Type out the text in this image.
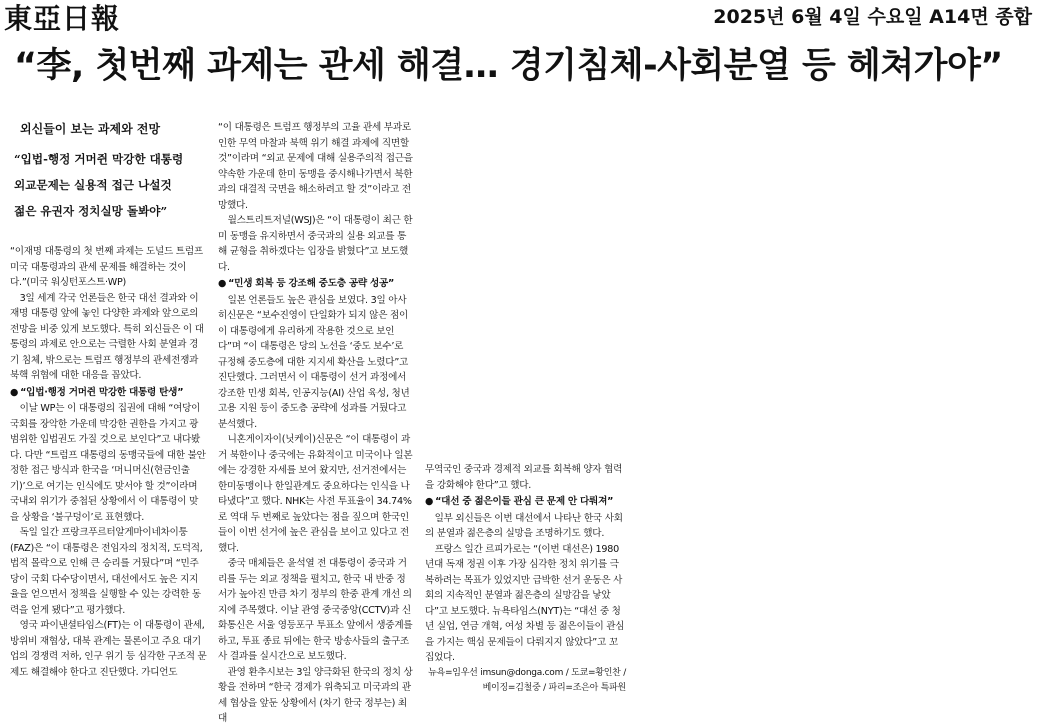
東亞日報	2025년 6월 4일 수요일 A14면 종합
“李, 첫번째 과제는 관세 해결… 경기침체-사회분열 등 헤쳐가야”
외신들이 보는 과제와 전망

“입법-행정 거머쥔 막강한 대통령

외교문제는 실용적 접근 나설것

젊은 유권자 정치실망 돌봐야”

“이재명 대통령의 첫 번째 과제는 도널드 트럼프 미국 대통령과의 관세 문제를 해결하는 것이다.”(미국 워싱턴포스트·WP)

3일 세계 각국 언론들은 한국 대선 결과와 이재명 대통령 앞에 놓인 다양한 과제와 앞으로의 전망을 비중 있게 보도했다. 특히 외신들은 이 대통령의 과제로 안으로는 극렬한 사회 분열과 경기 침체, 밖으로는 트럼프 행정부의 관세전쟁과 북핵 위협에 대한 대응을 꼽았다.

● “입법·행정 거머쥔 막강한 대통령 탄생”

이날 WP는 이 대통령의 집권에 대해 “여당이 국회를 장악한 가운데 막강한 권한을 가지고 광범위한 입법권도 가질 것으로 보인다”고 내다봤다. 다만 “트럼프 대통령의 동맹국들에 대한 불안정한 접근 방식과 한국을 ‘머니머신(현금인출기)’으로 여기는 인식에도 맞서야 할 것”이라며 국내외 위기가 중첩된 상황에서 이 대통령이 맞을 상황을 ‘불구덩이’로 표현했다.

독일 일간 프랑크푸르터알게마이네차이퉁(FAZ)은 “이 대통령은 전임자의 정치적, 도덕적, 법적 몰락으로 인해 큰 승리를 거뒀다”며 “민주당이 국회 다수당이면서, 대선에서도 높은 지지율을 얻으면서 정책을 실행할 수 있는 강력한 동력을 얻게 됐다”고 평가했다.

영국 파이낸셜타임스(FT)는 이 대통령이 관세, 방위비 재협상, 대북 관계는 물론이고 주요 대기업의 경쟁력 저하, 인구 위기 등 심각한 구조적 문제도 해결해야 한다고 진단했다. 가디언도

“이 대통령은 트럼프 행정부의 고율 관세 부과로 인한 무역 마찰과 북핵 위기 해결 과제에 직면할 것”이라며 “외교 문제에 대해 실용주의적 접근을 약속한 가운데 한미 동맹을 중시해나가면서 북한과의 대결적 국면을 해소하려고 할 것”이라고 전망했다.

월스트리트저널(WSJ)은 “이 대통령이 최근 한미 동맹을 유지하면서 중국과의 실용 외교를 통해 균형을 취하겠다는 입장을 밝혔다”고 보도했다.

● “민생 회복 등 강조해 중도층 공략 성공”

일본 언론들도 높은 관심을 보였다. 3일 아사히신문은 “보수진영이 단일화가 되지 않은 점이 이 대통령에게 유리하게 작용한 것으로 보인다”며 “이 대통령은 당의 노선을 ‘중도 보수’로 규정해 중도층에 대한 지지세 확산을 노렸다”고 진단했다. 그러면서 이 대통령이 선거 과정에서 강조한 민생 회복, 인공지능(AI) 산업 육성, 청년 고용 지원 등이 중도층 공략에 성과를 거뒀다고 분석했다.

니혼게이자이(닛케이)신문은 “이 대통령이 과거 북한이나 중국에는 유화적이고 미국이나 일본에는 강경한 자세를 보여 왔지만, 선거전에서는 한미동맹이나 한일관계도 중요하다는 인식을 나타냈다”고 했다. NHK는 사전 투표율이 34.74%로 역대 두 번째로 높았다는 점을 짚으며 한국인들이 이번 선거에 높은 관심을 보이고 있다고 전했다.

중국 매체들은 윤석열 전 대통령이 중국과 거리를 두는 외교 정책을 펼치고, 한국 내 반중 정서가 높아진 만큼 차기 정부의 한중 관계 개선 의지에 주목했다. 이날 관영 중국중앙(CCTV)과 신화통신은 서울 영등포구 투표소 앞에서 생중계를 하고, 투표 종료 뒤에는 한국 방송사들의 출구조사 결과를 실시간으로 보도했다.

관영 환추시보는 3일 양극화된 한국의 정치 상황을 전하며 “한국 경제가 위축되고 미국과의 관세 협상을 앞둔 상황에서 (차기 한국 정부는) 최대

무역국인 중국과 경제적 외교를 회복해 양자 협력을 강화해야 한다”고 했다.

● “대선 중 젊은이들 관심 큰 문제 안 다뤄져”

일부 외신들은 이번 대선에서 나타난 한국 사회의 분열과 젊은층의 실망을 조명하기도 했다.

프랑스 일간 르피가로는 “(이번 대선은) 1980년대 독재 정권 이후 가장 심각한 정치 위기를 극복하려는 목표가 있었지만 급박한 선거 운동은 사회의 지속적인 분열과 젊은층의 실망감을 낳았다”고 보도했다. 뉴욕타임스(NYT)는 “대선 중 청년 실업, 연금 개혁, 여성 차별 등 젊은이들이 관심을 가지는 핵심 문제들이 다뤄지지 않았다”고 꼬집었다.

뉴욕=임우선 imsun@donga.com / 도쿄=황인찬 /
베이징=김철중 / 파리=조은아 특파원
